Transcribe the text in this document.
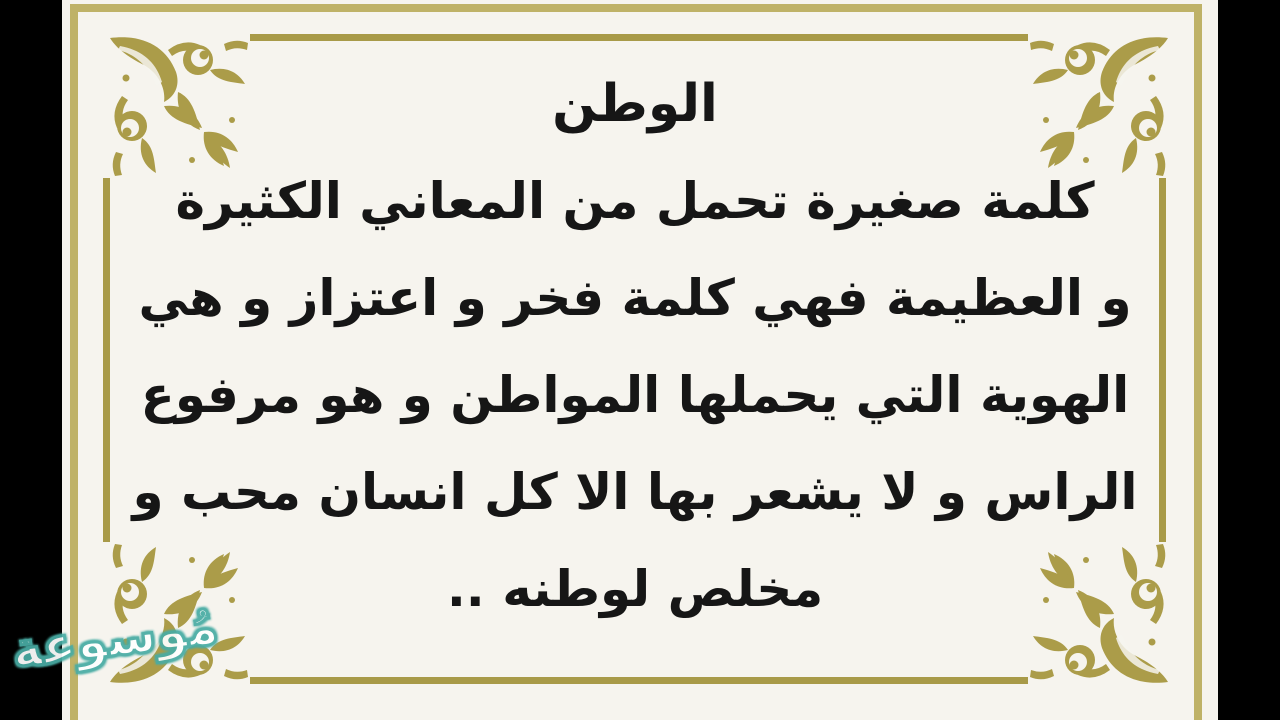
الوطن
كلمة صغيرة تحمل من المعاني الكثيرة
و العظيمة فهي كلمة فخر و اعتزاز و هي
الهوية التي يحملها المواطن و هو مرفوع
الراس و لا يشعر بها الا كل انسان محب و
مخلص لوطنه ..
مُوسوعة
